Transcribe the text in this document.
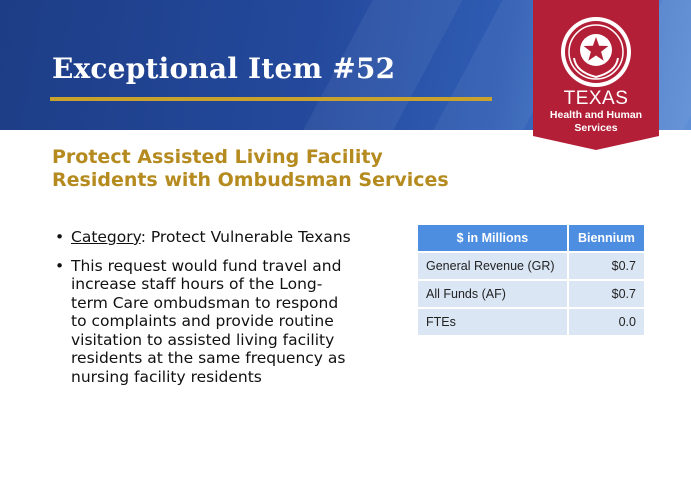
Exceptional Item #52
TEXAS
Health and Human
Services
Protect Assisted Living Facility
Residents with Ombudsman Services
• Category: Protect Vulnerable Texans
• This request would fund travel and increase staff hours of the Long-term Care ombudsman to respond to complaints and provide routine visitation to assisted living facility residents at the same frequency as nursing facility residents
$ in Millions	Biennium
General Revenue (GR)	$0.7
All Funds (AF)	$0.7
FTEs	0.0
